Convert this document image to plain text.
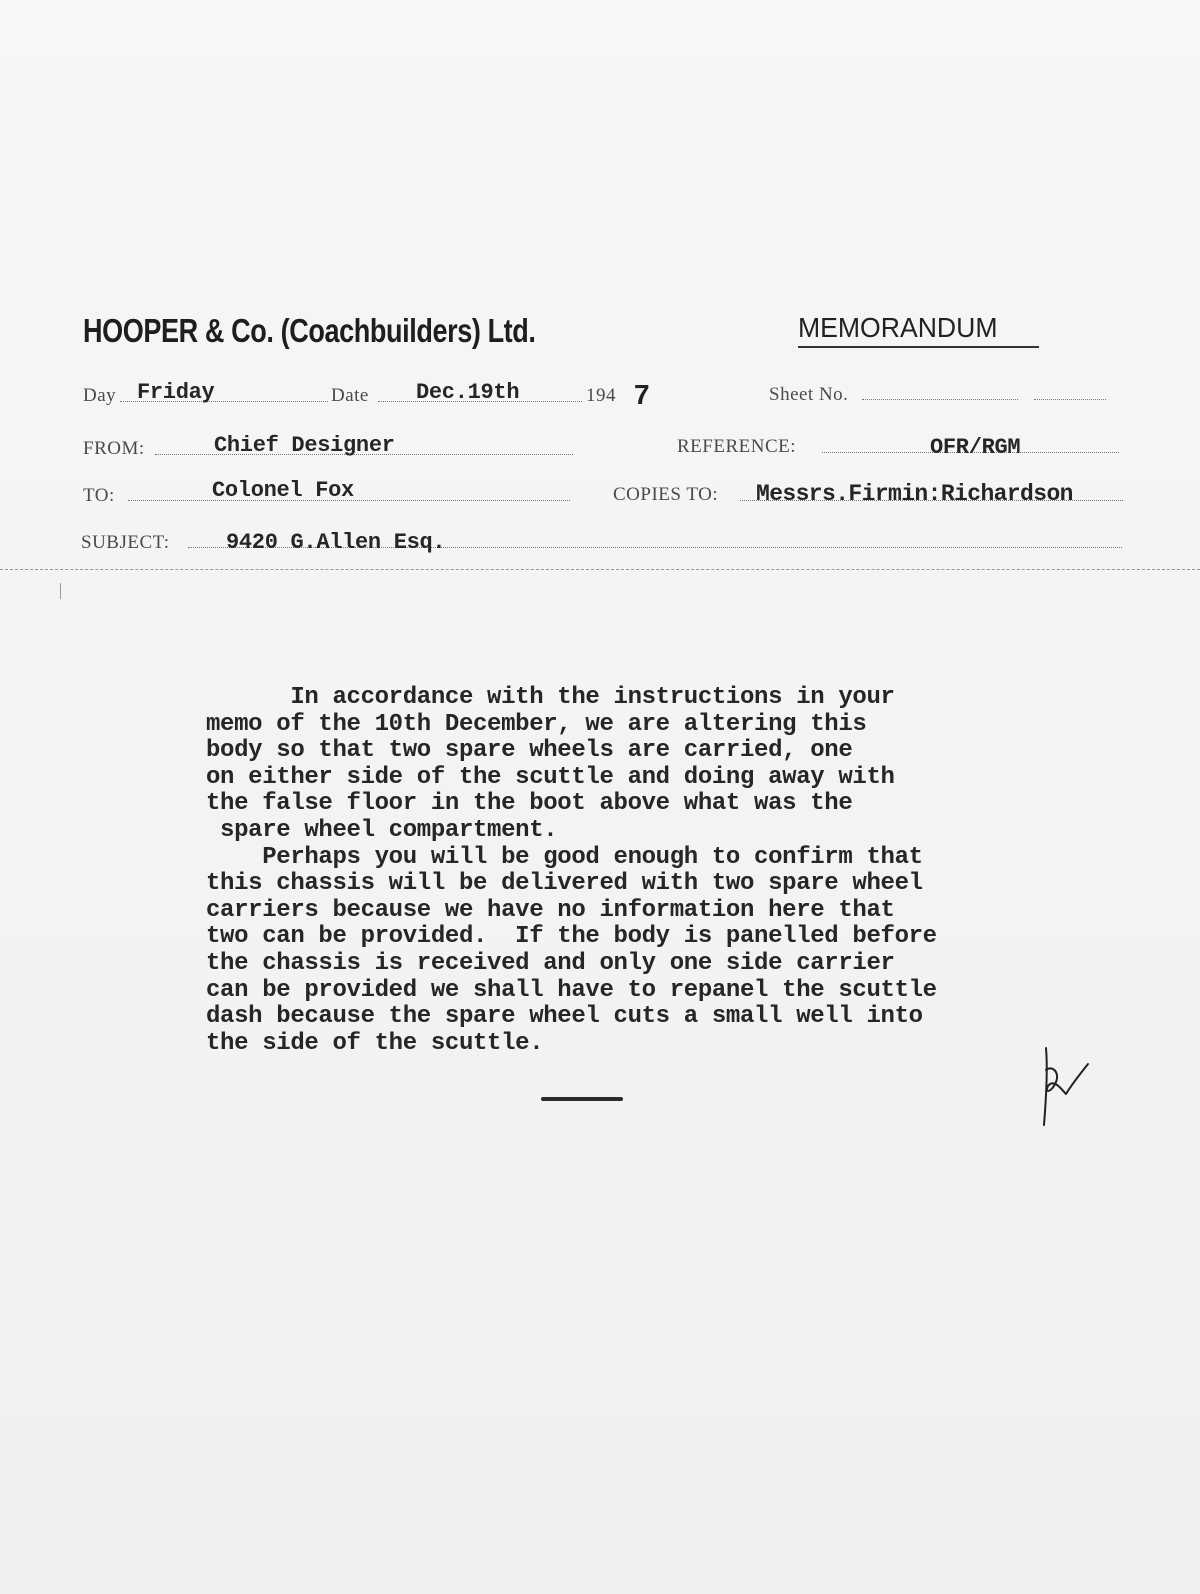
HOOPER & Co. (Coachbuilders) Ltd.	MEMORANDUM
Day Friday	Date Dec.19th	194 7	Sheet No.
FROM:	Chief Designer	REFERENCE:	OFR/RGM
TO:	Colonel Fox	COPIES TO: Messrs.Firmin:Richardson
SUBJECT:	9420 G.Allen Esq.
In accordance with the instructions in your
memo of the 10th December, we are altering this
body so that two spare wheels are carried, one
on either side of the scuttle and doing away with
the false floor in the boot above what was the
spare wheel compartment.
Perhaps you will be good enough to confirm that
this chassis will be delivered with two spare wheel
carriers because we have no information here that
two can be provided.  If the body is panelled before
the chassis is received and only one side carrier
can be provided we shall have to repanel the scuttle
dash because the spare wheel cuts a small well into
the side of the scuttle.
